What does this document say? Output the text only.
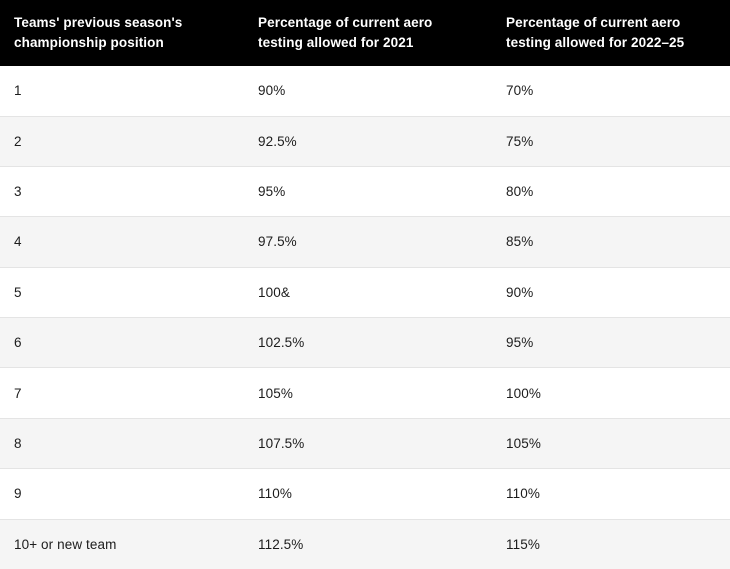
Teams' previous season's championship position	Percentage of current aero testing allowed for 2021	Percentage of current aero testing allowed for 2022–25
1	90%	70%
2	92.5%	75%
3	95%	80%
4	97.5%	85%
5	100&	90%
6	102.5%	95%
7	105%	100%
8	107.5%	105%
9	110%	110%
10+ or new team	112.5%	115%
